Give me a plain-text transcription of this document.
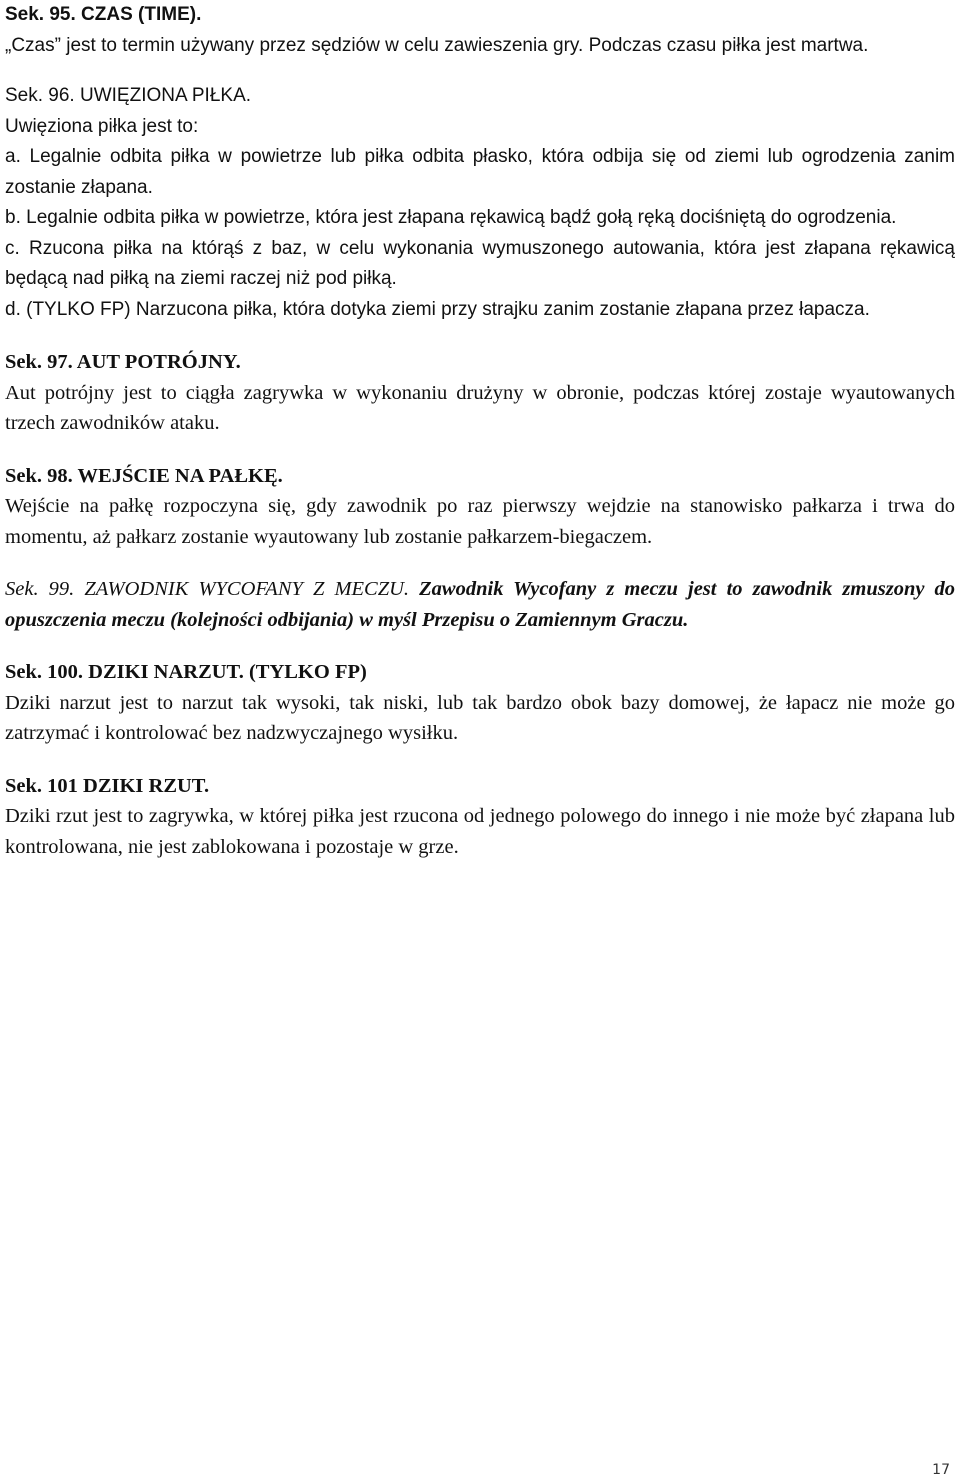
Sek. 95. CZAS (TIME).
„Czas” jest to termin używany przez sędziów w celu zawieszenia gry. Podczas czasu piłka jest martwa.
Sek. 96. UWIĘZIONA PIŁKA.
Uwięziona piłka jest to:
a. Legalnie odbita piłka w powietrze lub piłka odbita płasko, która odbija się od ziemi lub ogrodzenia zanim zostanie złapana.
b. Legalnie odbita piłka w powietrze, która jest złapana rękawicą bądź gołą ręką dociśniętą do ogrodzenia.
c. Rzucona piłka na którąś z baz, w celu wykonania wymuszonego autowania, która jest złapana rękawicą będącą nad piłką na ziemi raczej niż pod piłką.
d. (TYLKO FP) Narzucona piłka, która dotyka ziemi przy strajku zanim zostanie złapana przez łapacza.
Sek. 97. AUT POTRÓJNY.
Aut potrójny jest to ciągła zagrywka w wykonaniu drużyny w obronie, podczas której zostaje wyautowanych trzech zawodników ataku.
Sek. 98. WEJŚCIE NA PAŁKĘ.
Wejście na pałkę rozpoczyna się, gdy zawodnik po raz pierwszy wejdzie na stanowisko pałkarza i trwa do momentu, aż pałkarz zostanie wyautowany lub zostanie pałkarzem-biegaczem.
Sek. 99. ZAWODNIK WYCOFANY Z MECZU. Zawodnik Wycofany z meczu jest to zawodnik zmuszony do opuszczenia meczu (kolejności odbijania) w myśl Przepisu o Zamiennym Graczu.
Sek. 100. DZIKI NARZUT. (TYLKO FP)
Dziki narzut jest to narzut tak wysoki, tak niski, lub tak bardzo obok bazy domowej, że łapacz nie może go zatrzymać i kontrolować bez nadzwyczajnego wysiłku.
Sek. 101 DZIKI RZUT.
Dziki rzut jest to zagrywka, w której piłka jest rzucona od jednego polowego do innego i nie może być złapana lub kontrolowana, nie jest zablokowana i pozostaje w grze.
17
